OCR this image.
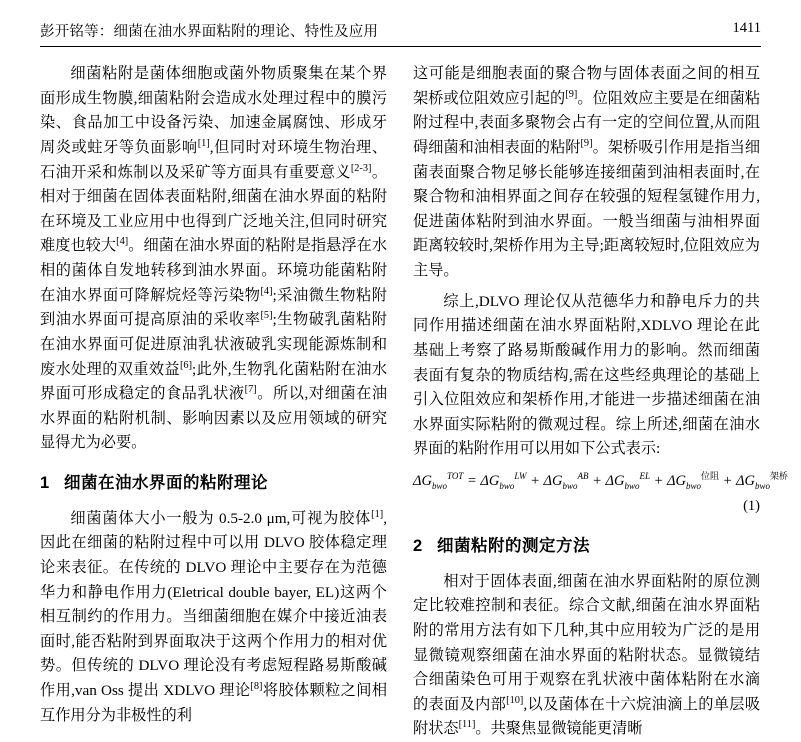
彭开铭等：细菌在油水界面粘附的理论、特性及应用	1411

细菌粘附是菌体细胞或菌外物质聚集在某个界面形成生物膜,细菌粘附会造成水处理过程中的膜污染、食品加工中设备污染、加速金属腐蚀、形成牙周炎或蛀牙等负面影响[1],但同时对环境生物治理、石油开采和炼制以及采矿等方面具有重要意义[2-3]。相对于细菌在固体表面粘附,细菌在油水界面的粘附在环境及工业应用中也得到广泛地关注,但同时研究难度也较大[4]。细菌在油水界面的粘附是指悬浮在水相的菌体自发地转移到油水界面。环境功能菌粘附在油水界面可降解烷烃等污染物[4];采油微生物粘附到油水界面可提高原油的采收率[5];生物破乳菌粘附在油水界面可促进原油乳状液破乳实现能源炼制和废水处理的双重效益[6];此外,生物乳化菌粘附在油水界面可形成稳定的食品乳状液[7]。所以,对细菌在油水界面的粘附机制、影响因素以及应用领域的研究显得尤为必要。

1 细菌在油水界面的粘附理论

细菌菌体大小一般为 0.5-2.0 μm,可视为胶体[1],因此在细菌的粘附过程中可以用 DLVO 胶体稳定理论来表征。在传统的 DLVO 理论中主要存在为范德华力和静电作用力(Eletrical double bayer, EL)这两个相互制约的作用力。当细菌细胞在媒介中接近油表面时,能否粘附到界面取决于这两个作用力的相对优势。但传统的 DLVO 理论没有考虑短程路易斯酸碱作用,van Oss 提出 XDLVO 理论[8]将胶体颗粒之间相互作用分为非极性的利

这可能是细胞表面的聚合物与固体表面之间的相互架桥或位阻效应引起的[9]。位阻效应主要是在细菌粘附过程中,表面多聚物会占有一定的空间位置,从而阻碍细菌和油相表面的粘附[9]。架桥吸引作用是指当细菌表面聚合物足够长能够连接细菌到油相表面时,在聚合物和油相界面之间存在较强的短程氢键作用力,促进菌体粘附到油水界面。一般当细菌与油相界面距离较较时,架桥作用为主导;距离较短时,位阻效应为主导。

综上,DLVO 理论仅从范德华力和静电斥力的共同作用描述细菌在油水界面粘附,XDLVO 理论在此基础上考察了路易斯酸碱作用力的影响。然而细菌表面有复杂的物质结构,需在这些经典理论的基础上引入位阻效应和架桥作用,才能进一步描述细菌在油水界面实际粘附的微观过程。综上所述,细菌在油水界面的粘附作用可以用如下公式表示:

$\Delta G_{bwo}^{TOT} = \Delta G_{bwo}^{LW} + \Delta G_{bwo}^{AB} + \Delta G_{bwo}^{EL} + \Delta G_{bwo}^{位阻} + \Delta G_{bwo}^{架桥}$
(1)
2 细菌粘附的测定方法

相对于固体表面,细菌在油水界面粘附的原位测定比较难控制和表征。综合文献,细菌在油水界面粘附的常用方法有如下几种,其中应用较为广泛的是用显微镜观察细菌在油水界面的粘附状态。显微镜结合细菌染色可用于观察在乳状液中菌体粘附在水滴的表面及内部[10],以及菌体在十六烷油滴上的单层吸附状态[11]。共聚焦显微镜能更清晰
